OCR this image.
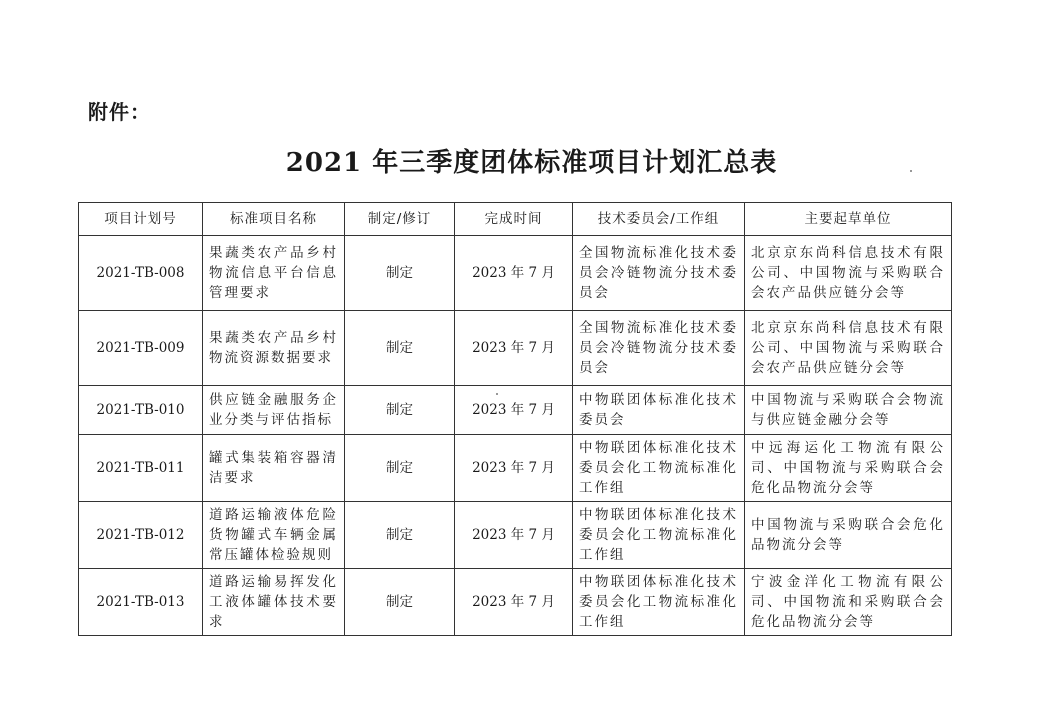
附件：
2021 年三季度团体标准项目计划汇总表
项目计划号	标准项目名称	制定/修订	完成时间	技术委员会/工作组	主要起草单位
2021-TB-008	果蔬类农产品乡村物流信息平台信息管理要求	制定	2023 年 7 月	全国物流标准化技术委员会冷链物流分技术委员会	北京京东尚科信息技术有限公司、中国物流与采购联合会农产品供应链分会等
2021-TB-009	果蔬类农产品乡村物流资源数据要求	制定	2023 年 7 月	全国物流标准化技术委员会冷链物流分技术委员会	北京京东尚科信息技术有限公司、中国物流与采购联合会农产品供应链分会等
2021-TB-010	供应链金融服务企业分类与评估指标	制定	2023 年 7 月	中物联团体标准化技术委员会	中国物流与采购联合会物流与供应链金融分会等
2021-TB-011	罐式集装箱容器清洁要求	制定	2023 年 7 月	中物联团体标准化技术委员会化工物流标准化工作组	中远海运化工物流有限公司、中国物流与采购联合会危化品物流分会等
2021-TB-012	道路运输液体危险货物罐式车辆金属常压罐体检验规则	制定	2023 年 7 月	中物联团体标准化技术委员会化工物流标准化工作组	中国物流与采购联合会危化品物流分会等
2021-TB-013	道路运输易挥发化工液体罐体技术要求	制定	2023 年 7 月	中物联团体标准化技术委员会化工物流标准化工作组	宁波金洋化工物流有限公司、中国物流和采购联合会危化品物流分会等
